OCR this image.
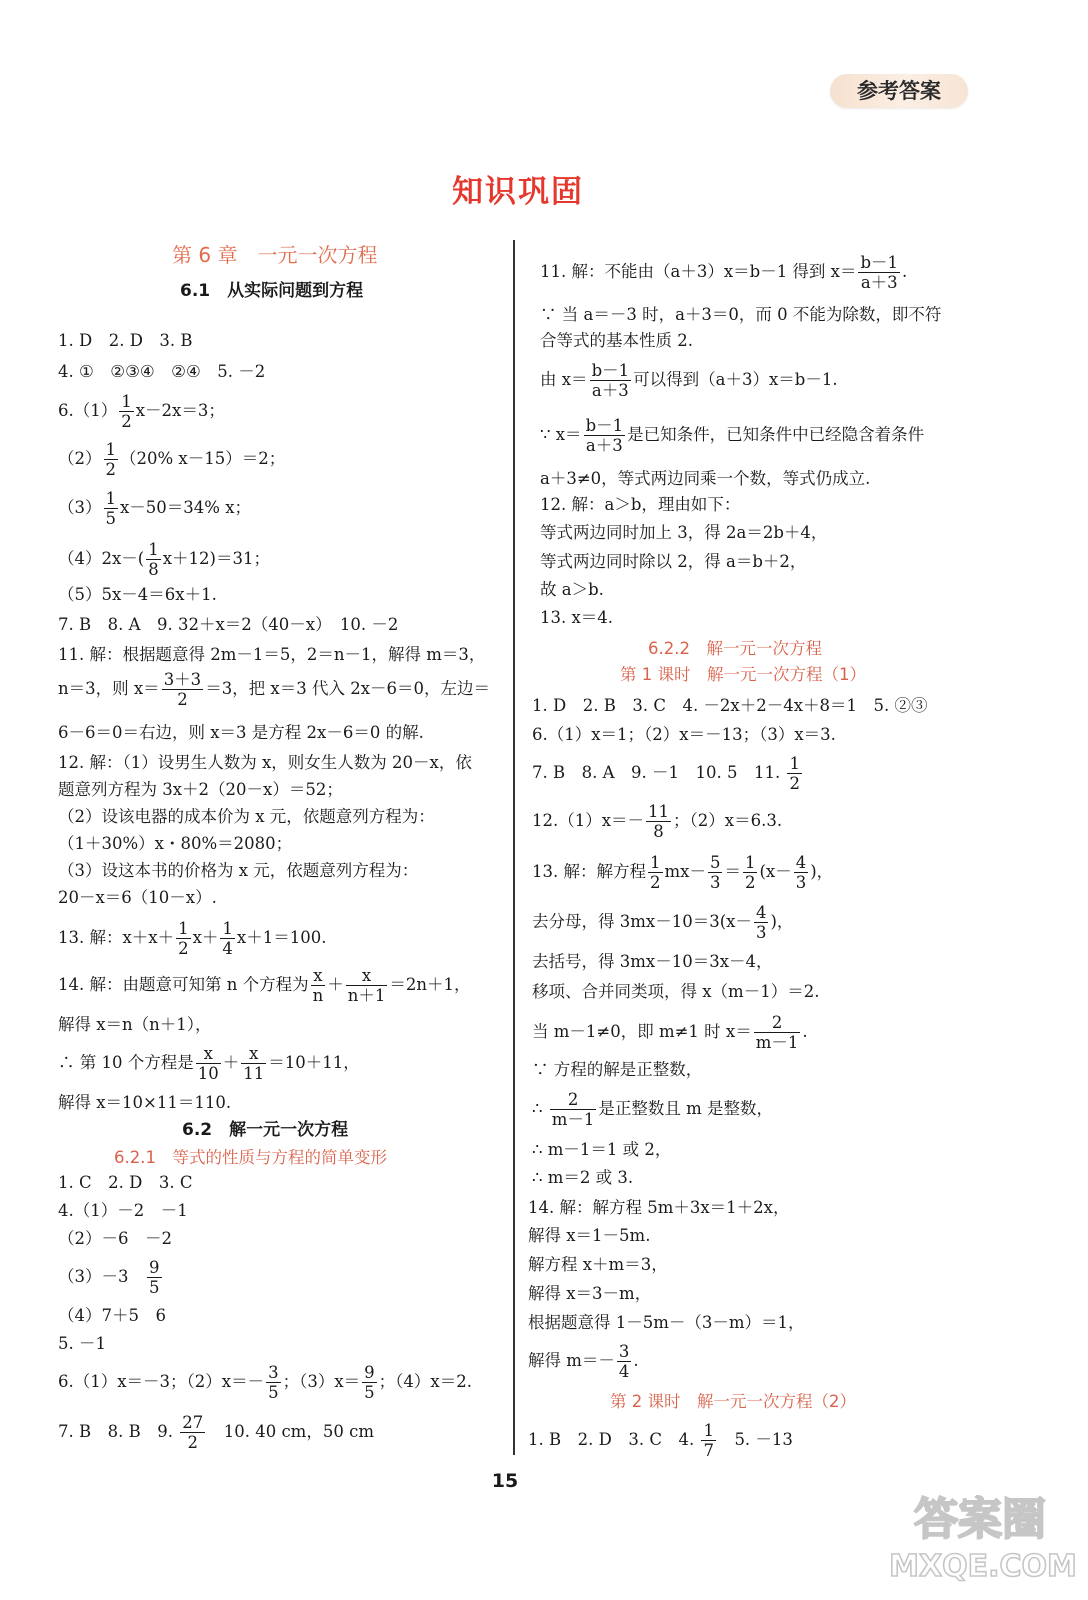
参考答案
知识巩固
第 6 章　一元一次方程
6.1　从实际问题到方程
1. D　2. D　3. B
4. ①　②③④　②④　5. －2
$6.(1) \frac{1}{2} x-2x=3$；
$(2) \frac{1}{2} (20\%$ x－15）＝2；
$(3) \frac{1}{5} x-50=34\%$ x；
$(4)2x-( \frac{1}{8} x+12)=31$；
（5）5x－4＝6x＋1.
7. B　8. A　9. 32＋x＝2（40－x）　10. －2
11. 解：根据题意得 2m－1＝5，2＝n－1，解得 m＝3，
n＝3，则 $x= \frac{3+3}{2} =3$，把 x＝3 代入 2x－6＝0，左边＝
6－6＝0＝右边，则 x＝3 是方程 2x－6＝0 的解.
12. 解：（1）设男生人数为 x，则女生人数为 20－x，依
题意列方程为 3x＋2（20－x）＝52；
（2）设该电器的成本价为 x 元，依题意列方程为：
（1＋30%）x・80%＝2080；
（3）设这本书的价格为 x 元，依题意列方程为：
20－x＝6（10－x）.
13. 解：$x+x+ \frac{1}{2} x+ \frac{1}{4} x+1=100$.
14. 解：由题意可知第 n 个方程为 $\frac{x}{n} + \frac{x}{n+1} =2n+1$，
解得 x＝n（n＋1），
∴ 第 10 个方程是 $\frac{x}{10} + \frac{x}{11} =10+11$，
解得 x＝10×11＝110.
6.2　解一元一次方程
6.2.1　等式的性质与方程的简单变形
1. C　2. D　3. C
4.（1）－2　－1
（2）－6　－2
（3）－3　 $\frac{9}{5}$
（4）7＋5　6
5. －1
6.（1）x＝－3；$(2)x=- \frac{3}{5}$ ；$(3)x= \frac{9}{5}$ ；（4）x＝2.
7. B　8. B　9. $\frac{27}{2}$ 　10. 40 cm，50 cm
11. 解：不能由（a＋3）x＝b－1 得到 $x= \frac{b-1}{a+3}$ .
∵ 当 a＝－3 时，a＋3＝0，而 0 不能为除数，即不符
合等式的基本性质 2.
由 $x= \frac{b-1}{a+3}$ 可以得到（a＋3）x＝b－1.
∵ $x= \frac{b-1}{a+3}$ 是已知条件，已知条件中已经隐含着条件
a＋3≠0，等式两边同乘一个数，等式仍成立.
12. 解：a＞b，理由如下：
等式两边同时加上 3，得 2a＝2b＋4，
等式两边同时除以 2，得 a＝b＋2，
故 a＞b.
13. x＝4.
6.2.2　解一元一次方程
第 1 课时　解一元一次方程（1）
1. D　2. B　3. C　4. －2x＋2－4x＋8＝1　5. ②③
6.（1）x＝1；（2）x＝－13；（3）x＝3.
7. B　8. A　9. －1　10. 5　11. $\frac{1}{2}$
$12.(1)x=- \frac{11}{8}$ ；（2）x＝6.3.
13. 解：解方程 $\frac{1}{2} mx- \frac{5}{3} = \frac{1}{2} (x- \frac{4}{3}$ )，
去分母，得 $3mx-10=3(x- \frac{4}{3}$ )，
去括号，得 3mx－10＝3x－4，
移项、合并同类项，得 x（m－1）＝2.
当 m－1≠0，即 m≠1 时 $x= \frac{2}{m-1}$ .
∵ 方程的解是正整数，
∴ $\frac{2}{m-1}$ 是正整数且 m 是整数，
∴ m－1＝1 或 2，
∴ m＝2 或 3.
14. 解：解方程 5m＋3x＝1＋2x，
解得 x＝1－5m.
解方程 x＋m＝3，
解得 x＝3－m，
根据题意得 1－5m－（3－m）＝1，
解得 $m=- \frac{3}{4}$ .
第 2 课时　解一元一次方程（2）
1. B　2. D　3. C　4. $\frac{1}{7}$ 　5. －13
15
答案圈
MXQE.COM
